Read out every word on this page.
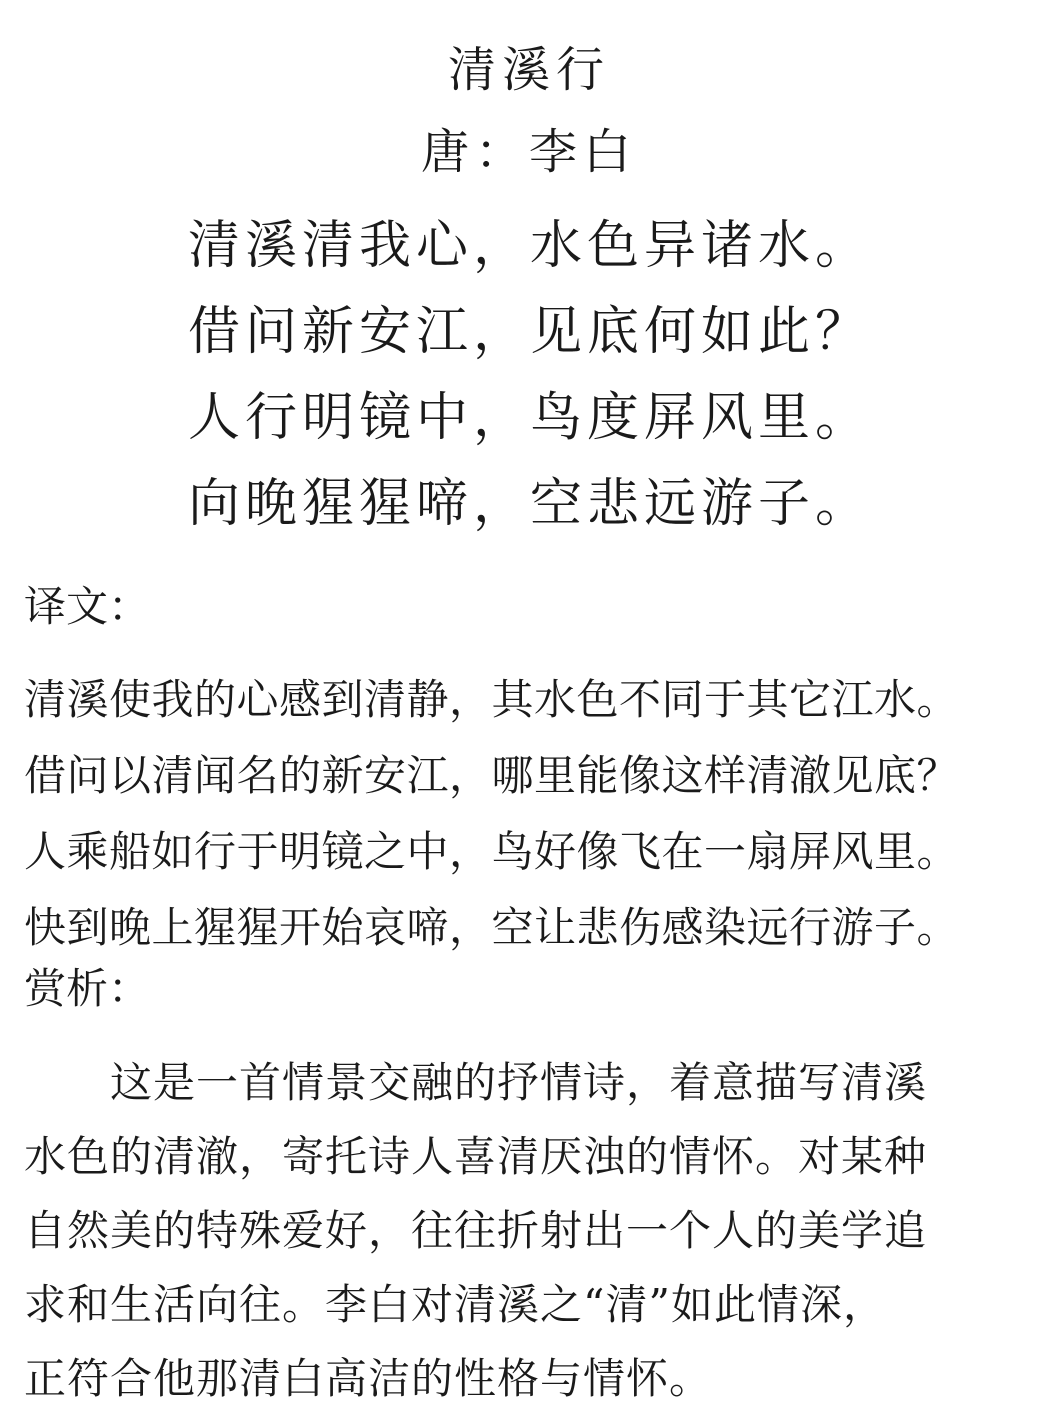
清溪行
唐：李白
清溪清我心，水色异诸水。
借问新安江，见底何如此？
人行明镜中，鸟度屏风里。
向晚猩猩啼，空悲远游子。
译文：
清溪使我的心感到清静，其水色不同于其它江水。
借问以清闻名的新安江，哪里能像这样清澈见底？
人乘船如行于明镜之中，鸟好像飞在一扇屏风里。
快到晚上猩猩开始哀啼，空让悲伤感染远行游子。
赏析：
　　这是一首情景交融的抒情诗，着意描写清溪
水色的清澈，寄托诗人喜清厌浊的情怀。对某种
自然美的特殊爱好，往往折射出一个人的美学追
求和生活向往。李白对清溪之“清”如此情深，
正符合他那清白高洁的性格与情怀。
